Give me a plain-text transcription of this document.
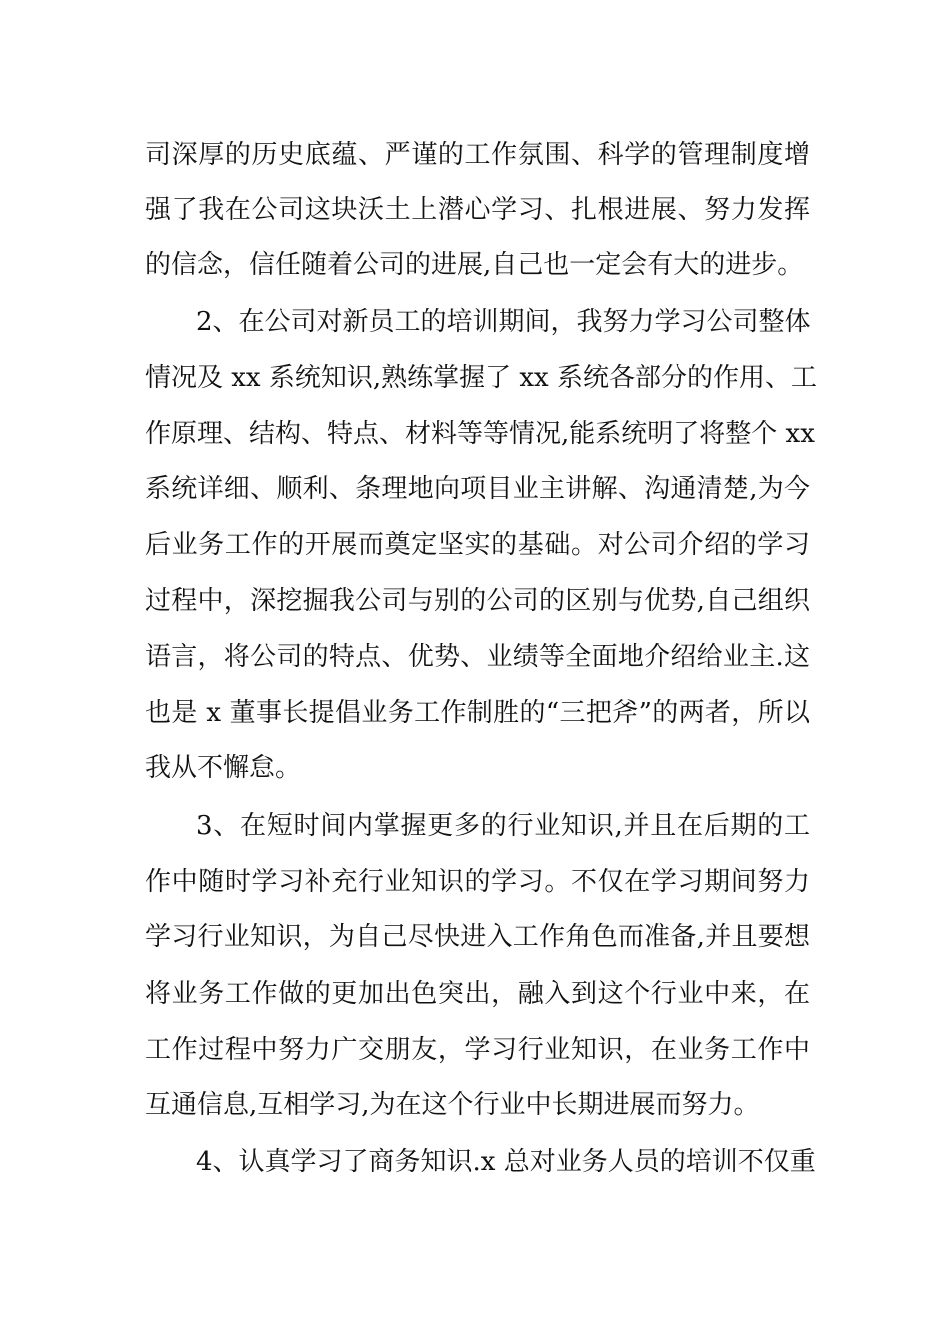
司深厚的历史底蕴、严谨的工作氛围、科学的管理制度增
强了我在公司这块沃土上潜心学习、扎根进展、努力发挥
的信念，信任随着公司的进展,自己也一定会有大的进步。
2、在公司对新员工的培训期间，我努力学习公司整体
情况及 xx 系统知识,熟练掌握了 xx 系统各部分的作用、工
作原理、结构、特点、材料等等情况,能系统明了将整个 xx
系统详细、顺利、条理地向项目业主讲解、沟通清楚,为今
后业务工作的开展而奠定坚实的基础。对公司介绍的学习
过程中，深挖掘我公司与别的公司的区别与优势,自己组织
语言，将公司的特点、优势、业绩等全面地介绍给业主.这
也是 x 董事长提倡业务工作制胜的“三把斧”的两者，所以
我从不懈怠。
3、在短时间内掌握更多的行业知识,并且在后期的工
作中随时学习补充行业知识的学习。不仅在学习期间努力
学习行业知识，为自己尽快进入工作角色而准备,并且要想
将业务工作做的更加出色突出，融入到这个行业中来，在
工作过程中努力广交朋友，学习行业知识，在业务工作中
互通信息,互相学习,为在这个行业中长期进展而努力。
4、认真学习了商务知识.x 总对业务人员的培训不仅重
